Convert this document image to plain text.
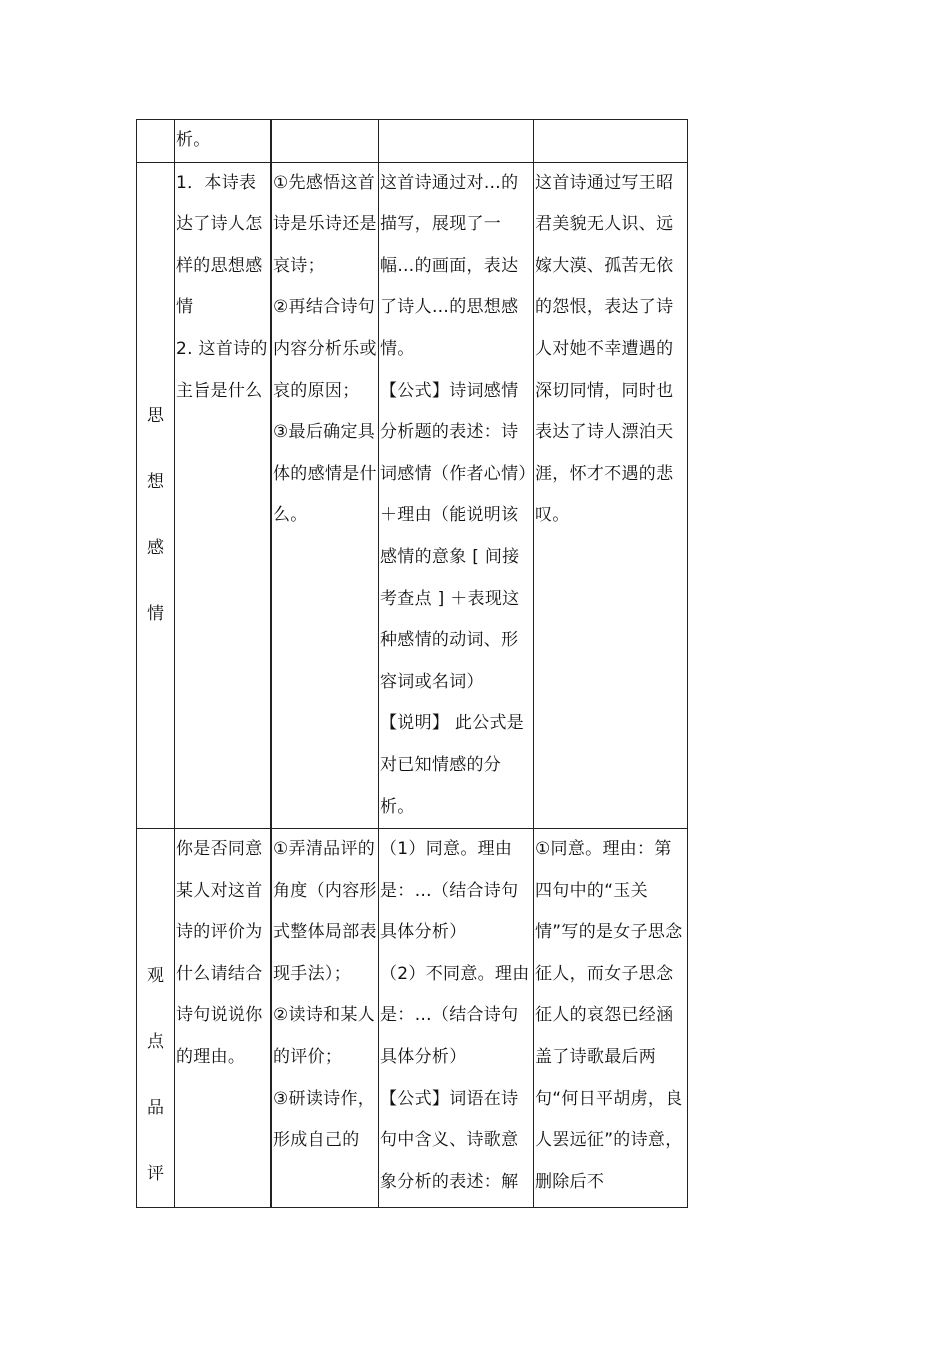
	析。			

思
想
感
情	1．本诗表达了诗人怎样的思想感情
2. 这首诗的主旨是什么	①先感悟这首诗是乐诗还是哀诗；
②再结合诗句内容分析乐或哀的原因；
③最后确定具体的感情是什么。	这首诗通过对…的描写，展现了一幅…的画面，表达了诗人…的思想感情。
【公式】诗词感情分析题的表述：诗词感情（作者心情）＋理由（能说明该感情的意象 [ 间接考查点 ] ＋表现这种感情的动词、形容词或名词）
【说明】 此公式是对已知情感的分析。	这首诗通过写王昭君美貌无人识、远嫁大漠、孤苦无依的怨恨，表达了诗人对她不幸遭遇的深切同情，同时也表达了诗人漂泊天涯，怀才不遇的悲叹。

观
点
品
评	你是否同意某人对这首诗的评价为什么请结合诗句说说你的理由。	①弄清品评的角度（内容形式整体局部表现手法）；
②读诗和某人的评价；
③研读诗作，形成自己的	（1）同意。理由是：…（结合诗句具体分析）
（2）不同意。理由是：…（结合诗句具体分析）
【公式】词语在诗句中含义、诗歌意象分析的表述：解	①同意。理由：第四句中的“玉关情”写的是女子思念征人，而女子思念征人的哀怨已经涵盖了诗歌最后两句“何日平胡虏，良人罢远征”的诗意，删除后不
